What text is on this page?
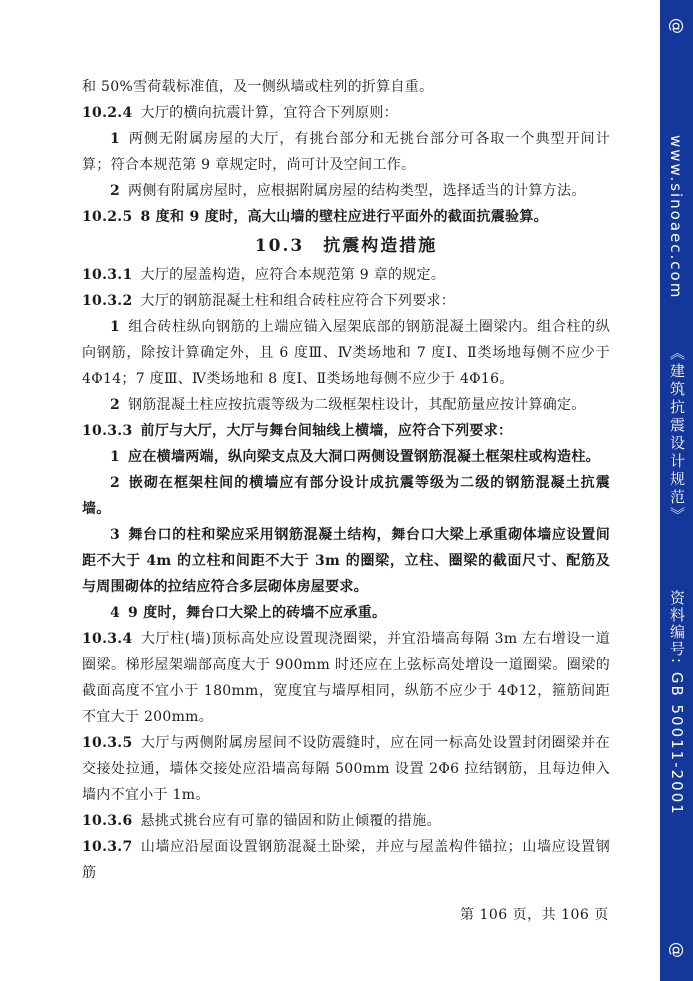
和 50%雪荷载标准值，及一侧纵墙或柱列的折算自重。

10.2.4 大厅的横向抗震计算，宜符合下列原则：

1 两侧无附属房屋的大厅，有挑台部分和无挑台部分可各取一个典型开间计算；符合本规范第 9 章规定时，尚可计及空间工作。

2 两侧有附属房屋时，应根据附属房屋的结构类型，选择适当的计算方法。

10.2.5 8 度和 9 度时，高大山墙的壁柱应进行平面外的截面抗震验算。

10.3　抗震构造措施

10.3.1 大厅的屋盖构造，应符合本规范第 9 章的规定。

10.3.2 大厅的钢筋混凝土柱和组合砖柱应符合下列要求：

1 组合砖柱纵向钢筋的上端应锚入屋架底部的钢筋混凝土圈梁内。组合柱的纵向钢筋，除按计算确定外，且 6 度Ⅲ、Ⅳ类场地和 7 度Ⅰ、Ⅱ类场地每侧不应少于 4Φ14；7 度Ⅲ、Ⅳ类场地和 8 度Ⅰ、Ⅱ类场地每侧不应少于 4Φ16。

2 钢筋混凝土柱应按抗震等级为二级框架柱设计，其配筋量应按计算确定。

10.3.3 前厅与大厅，大厅与舞台间轴线上横墙，应符合下列要求：

1 应在横墙两端，纵向梁支点及大洞口两侧设置钢筋混凝土框架柱或构造柱。

2 嵌砌在框架柱间的横墙应有部分设计成抗震等级为二级的钢筋混凝土抗震墙。

3 舞台口的柱和梁应采用钢筋混凝土结构，舞台口大梁上承重砌体墙应设置间距不大于 4m 的立柱和间距不大于 3m 的圈梁，立柱、圈梁的截面尺寸、配筋及与周围砌体的拉结应符合多层砌体房屋要求。

4 9 度时，舞台口大梁上的砖墙不应承重。

10.3.4 大厅柱(墙)顶标高处应设置现浇圈梁，并宜沿墙高每隔 3m 左右增设一道圈梁。梯形屋架端部高度大于 900mm 时还应在上弦标高处增设一道圈梁。圈梁的截面高度不宜小于 180mm，宽度宜与墙厚相同，纵筋不应少于 4Φ12，箍筋间距不宜大于 200mm。

10.3.5 大厅与两侧附属房屋间不设防震缝时，应在同一标高处设置封闭圈梁并在交接处拉通，墙体交接处应沿墙高每隔 500mm 设置 2Φ6 拉结钢筋，且每边伸入墙内不宜小于 1m。

10.3.6 悬挑式挑台应有可靠的锚固和防止倾覆的措施。

10.3.7 山墙应沿屋面设置钢筋混凝土卧梁，并应与屋盖构件锚拉；山墙应设置钢筋

第 106 页，共 106 页
@
www.sinoaec.com
《建筑抗震设计规范》
资料编号: GB 50011-2001
@
